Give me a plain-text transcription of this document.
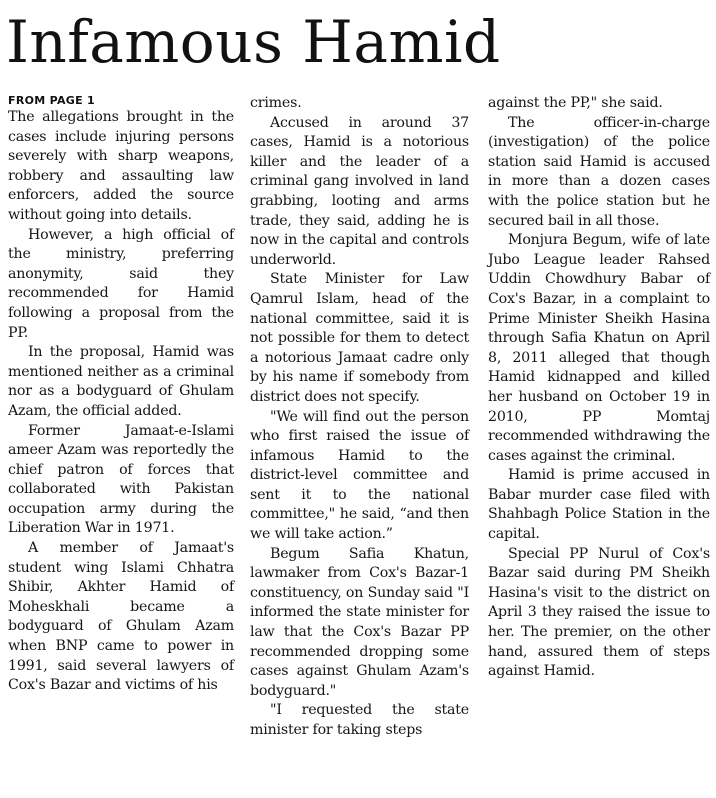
Infamous Hamid
FROM PAGE 1

The allegations brought in the cases include injuring persons severely with sharp weapons, robbery and assaulting law enforcers, added the source without going into details.

However, a high official of the ministry, preferring anonymity, said they recommended for Hamid following a proposal from the PP.

In the proposal, Hamid was mentioned neither as a criminal nor as a bodyguard of Ghulam Azam, the official added.

Former Jamaat-e-Islami ameer Azam was reportedly the chief patron of forces that collaborated with Pakistan occupation army during the Liberation War in 1971.

A member of Jamaat's student wing Islami Chhatra Shibir, Akhter Hamid of Moheskhali became a bodyguard of Ghulam Azam when BNP came to power in 1991, said several lawyers of Cox's Bazar and victims of his

crimes.

Accused in around 37 cases, Hamid is a notorious killer and the leader of a criminal gang involved in land grabbing, looting and arms trade, they said, adding he is now in the capital and controls underworld.

State Minister for Law Qamrul Islam, head of the national committee, said it is not possible for them to detect a notorious Jamaat cadre only by his name if somebody from district does not specify.

"We will find out the person who first raised the issue of infamous Hamid to the district-level committee and sent it to the national committee," he said, “and then we will take action.”

Begum Safia Khatun, lawmaker from Cox's Bazar-1 constituency, on Sunday said "I informed the state minister for law that the Cox's Bazar PP recommended dropping some cases against Ghulam Azam's bodyguard."

"I requested the state minister for taking steps

against the PP," she said.

The officer-in-charge (investigation) of the police station said Hamid is accused in more than a dozen cases with the police station but he secured bail in all those.

Monjura Begum, wife of late Jubo League leader Rahsed Uddin Chowdhury Babar of Cox's Bazar, in a complaint to Prime Minister Sheikh Hasina through Safia Khatun on April 8, 2011 alleged that though Hamid kidnapped and killed her husband on October 19 in 2010, PP Momtaj recommended withdrawing the cases against the criminal.

Hamid is prime accused in Babar murder case filed with Shahbagh Police Station in the capital.

Special PP Nurul of Cox's Bazar said during PM Sheikh Hasina's visit to the district on April 3 they raised the issue to her. The premier, on the other hand, assured them of steps against Hamid.
